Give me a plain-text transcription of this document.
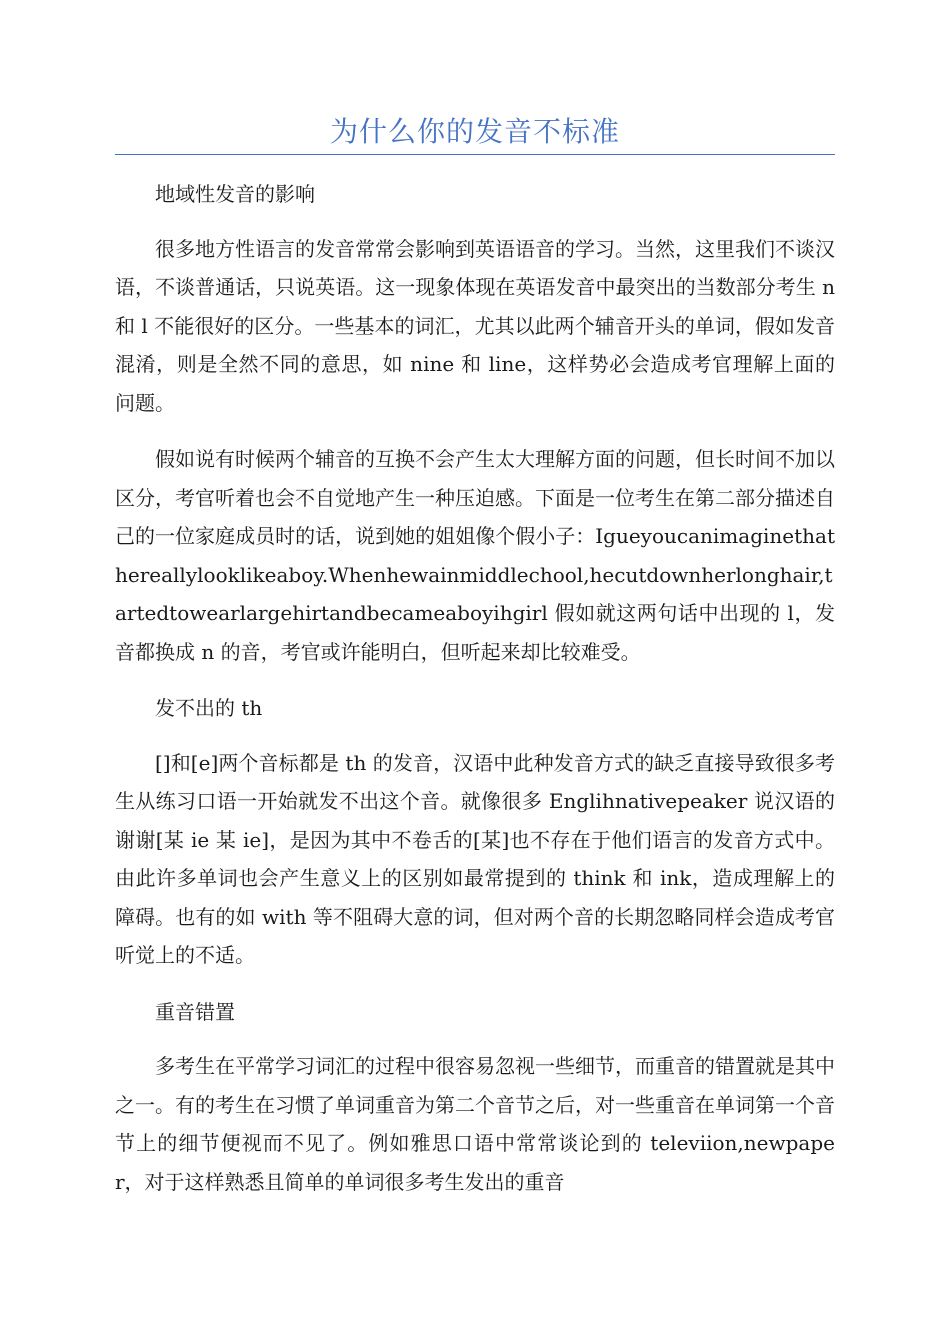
为什么你的发音不标准

地域性发音的影响

很多地方性语言的发音常常会影响到英语语音的学习。当然，这里我们不谈汉语，不谈普通话，只说英语。这一现象体现在英语发音中最突出的当数部分考生 n 和 l 不能很好的区分。一些基本的词汇，尤其以此两个辅音开头的单词，假如发音混淆，则是全然不同的意思，如 nine 和 line，这样势必会造成考官理解上面的问题。

假如说有时候两个辅音的互换不会产生太大理解方面的问题，但长时间不加以区分，考官听着也会不自觉地产生一种压迫感。下面是一位考生在第二部分描述自己的一位家庭成员时的话，说到她的姐姐像个假小子：Igueyoucanimaginethathereallylooklikeaboy.Whenhewainmiddlechool,hecutdownherlonghair,tartedtowearlargehirtandbecameaboyihgirl 假如就这两句话中出现的 l，发音都换成 n 的音，考官或许能明白，但听起来却比较难受。

发不出的 th

[]和[e]两个音标都是 th 的发音，汉语中此种发音方式的缺乏直接导致很多考生从练习口语一开始就发不出这个音。就像很多 Englihnativepeaker 说汉语的谢谢[某 ie 某 ie]，是因为其中不卷舌的[某]也不存在于他们语言的发音方式中。由此许多单词也会产生意义上的区别如最常提到的 think 和 ink，造成理解上的障碍。也有的如 with 等不阻碍大意的词，但对两个音的长期忽略同样会造成考官听觉上的不适。

重音错置

多考生在平常学习词汇的过程中很容易忽视一些细节，而重音的错置就是其中之一。有的考生在习惯了单词重音为第二个音节之后，对一些重音在单词第一个音节上的细节便视而不见了。例如雅思口语中常常谈论到的 televiion,newpaper，对于这样熟悉且简单的单词很多考生发出的重音
